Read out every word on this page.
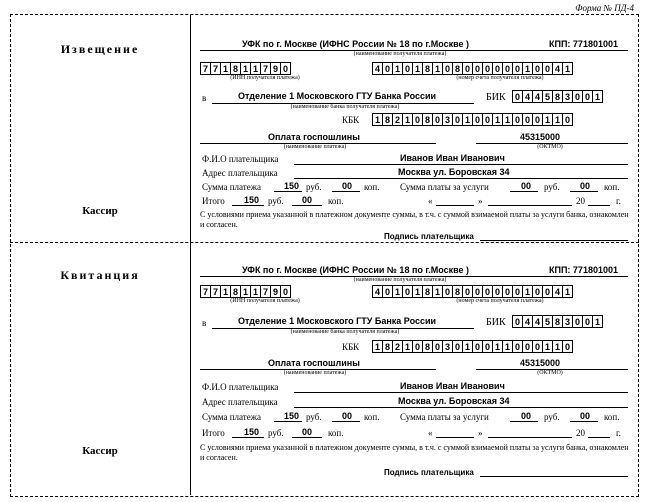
Форма № ПД-4
Извещение
Кассир
УФК по г. Москве (ИФНС России № 18 по г.Москве )	КПП: 771801001
(наименование получателя платежа)
7 7 1 8 1 1 7 9 0
(ИНН получателя платежа)
4 0 1 0 1 8 1 0 8 0 0 0 0 0 0 1 0 0 4 1
(номер счета получателя платежа)
в	Отделение 1 Московского ГТУ Банка России
(наименование банка получателя платежа)
БИК	0 4 4 5 8 3 0 0 1
КБК	1 8 2 1 0 8 0 3 0 1 0 0 1 1 0 0 0 1 1 0
Оплата госпошлины
(наименование платежа)
45315000
(ОКТМО)
Ф.И.О плательщика	Иванов Иван Иванович
Адрес плательщика	Москва ул. Боровская 34
Сумма платежа	150 руб. 00 коп. Сумма платы за услуги	00 руб. 00 коп.
Итого 150 руб. 00 коп.	«	»	20	г.
С условиями приема указанной в платежном документе суммы, в т.ч. с суммой взимаемой платы за услуги банка, ознакомлен и согласен.
Подпись плательщика
Квитанция
Кассир
УФК по г. Москве (ИФНС России № 18 по г.Москве )	КПП: 771801001
(наименование получателя платежа)
7 7 1 8 1 1 7 9 0
(ИНН получателя платежа)
4 0 1 0 1 8 1 0 8 0 0 0 0 0 0 1 0 0 4 1
(номер счета получателя платежа)
в	Отделение 1 Московского ГТУ Банка России
(наименование банка получателя платежа)
БИК	0 4 4 5 8 3 0 0 1
КБК	1 8 2 1 0 8 0 3 0 1 0 0 1 1 0 0 0 1 1 0
Оплата госпошлины
(наименование платежа)
45315000
(ОКТМО)
Ф.И.О плательщика	Иванов Иван Иванович
Адрес плательщика	Москва ул. Боровская 34
Сумма платежа	150 руб. 00 коп. Сумма платы за услуги	00 руб. 00 коп.
Итого 150 руб. 00 коп.	«	»	20	г.
С условиями приема указанной в платежном документе суммы, в т.ч. с суммой взимаемой платы за услуги банка, ознакомлен и согласен.
Подпись плательщика
